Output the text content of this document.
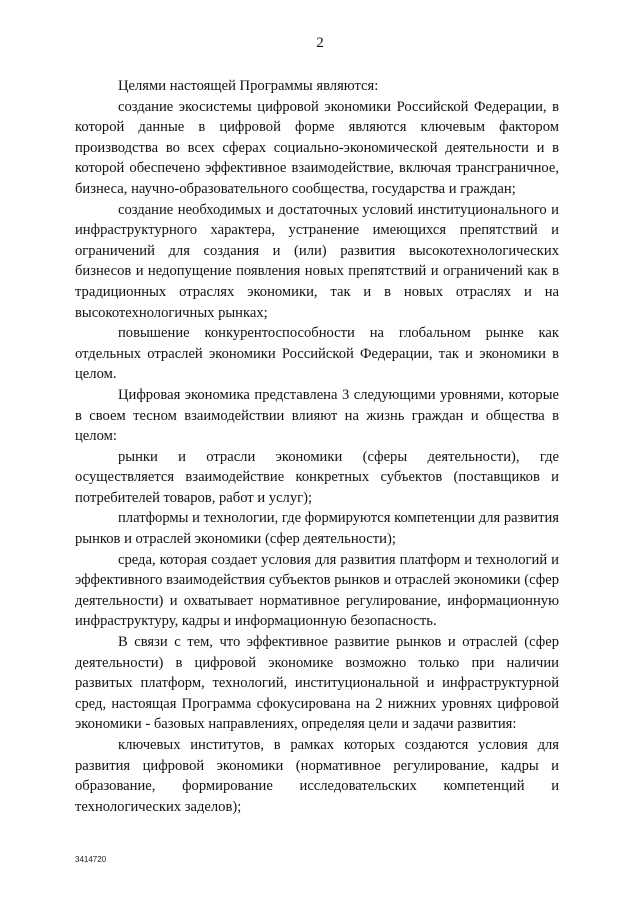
2

Целями настоящей Программы являются:

создание экосистемы цифровой экономики Российской Федерации, в которой данные в цифровой форме являются ключевым фактором производства во всех сферах социально-экономической деятельности и в которой обеспечено эффективное взаимодействие, включая трансграничное, бизнеса, научно-образовательного сообщества, государства и граждан;

создание необходимых и достаточных условий институционального и инфраструктурного характера, устранение имеющихся препятствий и ограничений для создания и (или) развития высокотехнологических бизнесов и недопущение появления новых препятствий и ограничений как в традиционных отраслях экономики, так и в новых отраслях и на высокотехнологичных рынках;

повышение конкурентоспособности на глобальном рынке как отдельных отраслей экономики Российской Федерации, так и экономики в целом.

Цифровая экономика представлена 3 следующими уровнями, которые в своем тесном взаимодействии влияют на жизнь граждан и общества в целом:

рынки и отрасли экономики (сферы деятельности), где осуществляется взаимодействие конкретных субъектов (поставщиков и потребителей товаров, работ и услуг);

платформы и технологии, где формируются компетенции для развития рынков и отраслей экономики (сфер деятельности);

среда, которая создает условия для развития платформ и технологий и эффективного взаимодействия субъектов рынков и отраслей экономики (сфер деятельности) и охватывает нормативное регулирование, информационную инфраструктуру, кадры и информационную безопасность.

В связи с тем, что эффективное развитие рынков и отраслей (сфер деятельности) в цифровой экономике возможно только при наличии развитых платформ, технологий, институциональной и инфраструктурной сред, настоящая Программа сфокусирована на 2 нижних уровнях цифровой экономики - базовых направлениях, определяя цели и задачи развития:

ключевых институтов, в рамках которых создаются условия для развития цифровой экономики (нормативное регулирование, кадры и образование, формирование исследовательских компетенций и технологических заделов);

3414720
